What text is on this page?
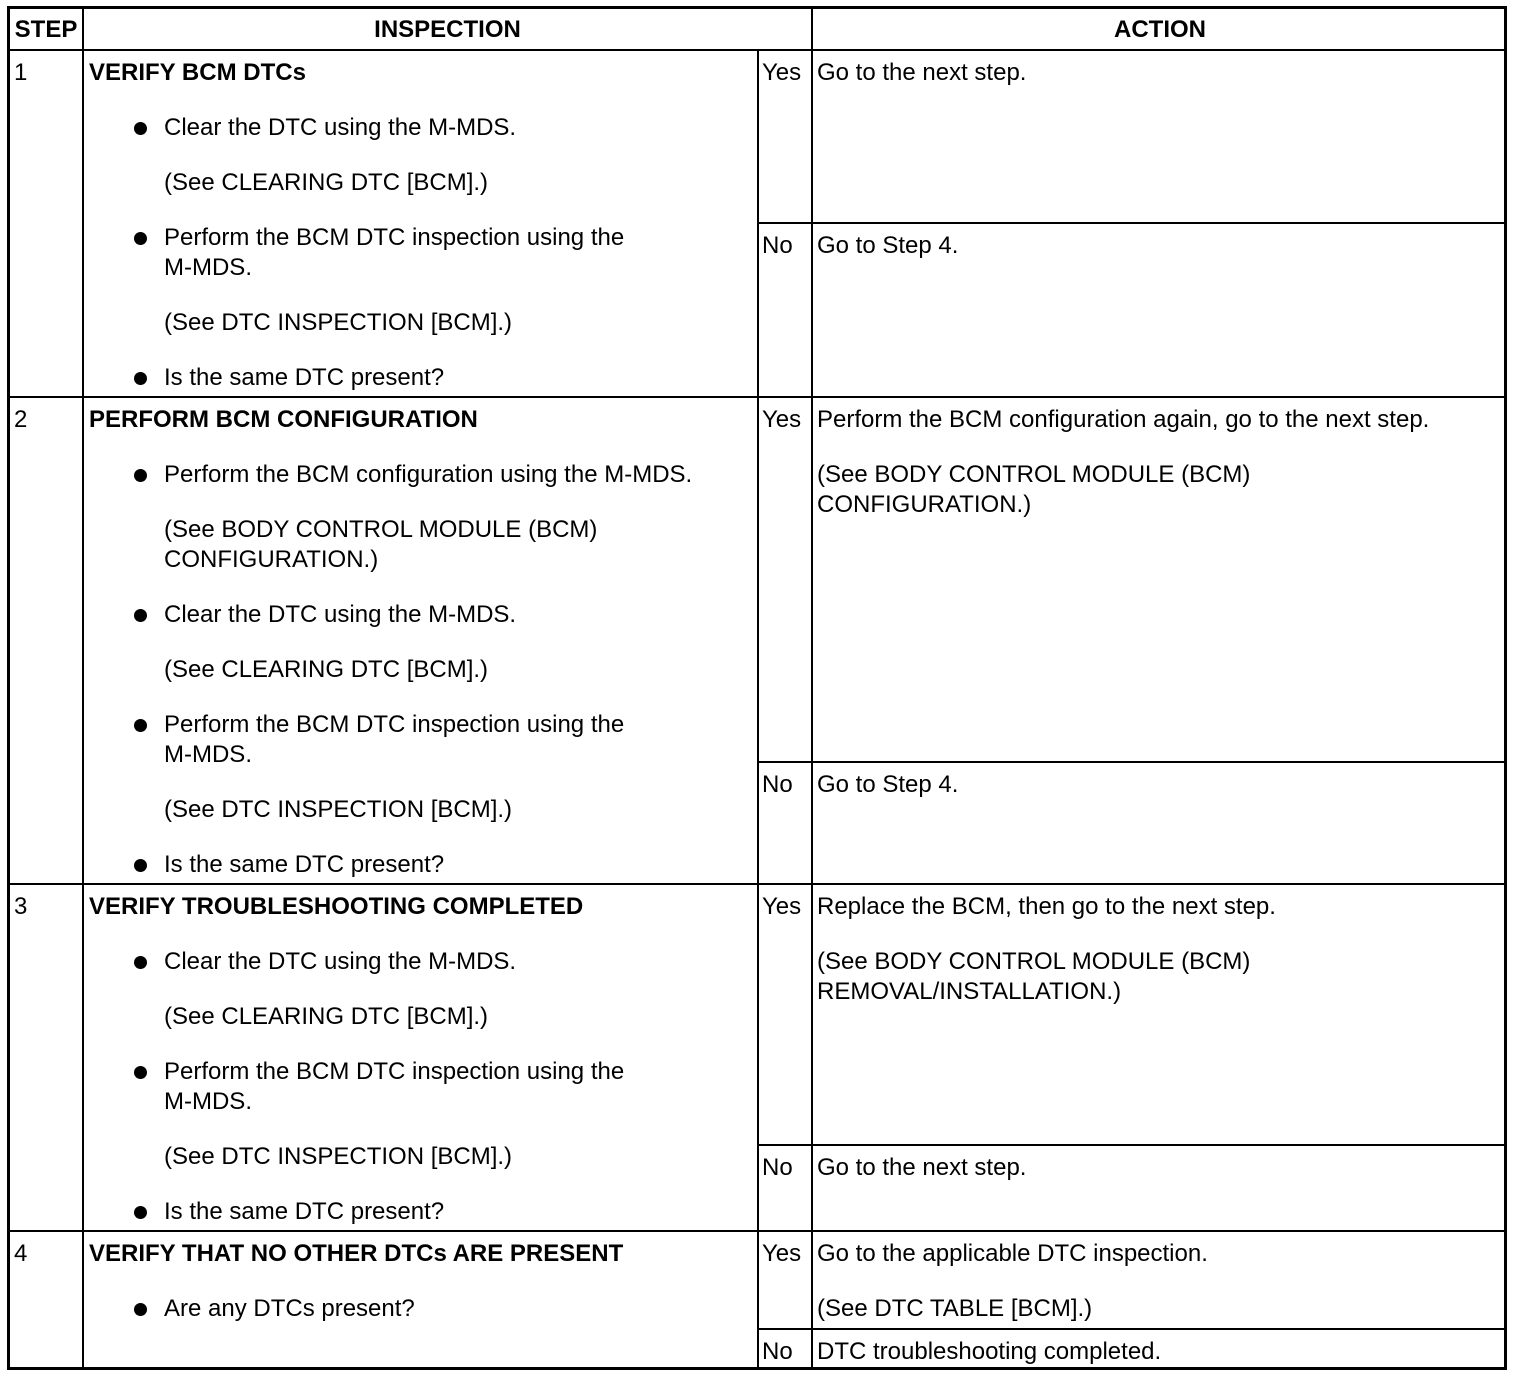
STEP	INSPECTION	ACTION
1	VERIFY BCM DTCs
Clear the DTC using the M-MDS.
(See CLEARING DTC [BCM].)
Perform the BCM DTC inspection using the
M-MDS.
(See DTC INSPECTION [BCM].)
Is the same DTC present?
Yes Go to the next step.
No Go to Step 4.
2	PERFORM BCM CONFIGURATION
Perform the BCM configuration using the M-MDS.
(See BODY CONTROL MODULE (BCM)
CONFIGURATION.)
Clear the DTC using the M-MDS.
(See CLEARING DTC [BCM].)
Perform the BCM DTC inspection using the
M-MDS.
(See DTC INSPECTION [BCM].)
Is the same DTC present?
Yes Perform the BCM configuration again, go to the next step.
(See BODY CONTROL MODULE (BCM)
CONFIGURATION.)
No Go to Step 4.
3	VERIFY TROUBLESHOOTING COMPLETED
Clear the DTC using the M-MDS.
(See CLEARING DTC [BCM].)
Perform the BCM DTC inspection using the
M-MDS.
(See DTC INSPECTION [BCM].)
Is the same DTC present?
Yes Replace the BCM, then go to the next step.
(See BODY CONTROL MODULE (BCM)
REMOVAL/INSTALLATION.)
No Go to the next step.
4	VERIFY THAT NO OTHER DTCs ARE PRESENT
Are any DTCs present?
Yes Go to the applicable DTC inspection.
(See DTC TABLE [BCM].)
No DTC troubleshooting completed.
